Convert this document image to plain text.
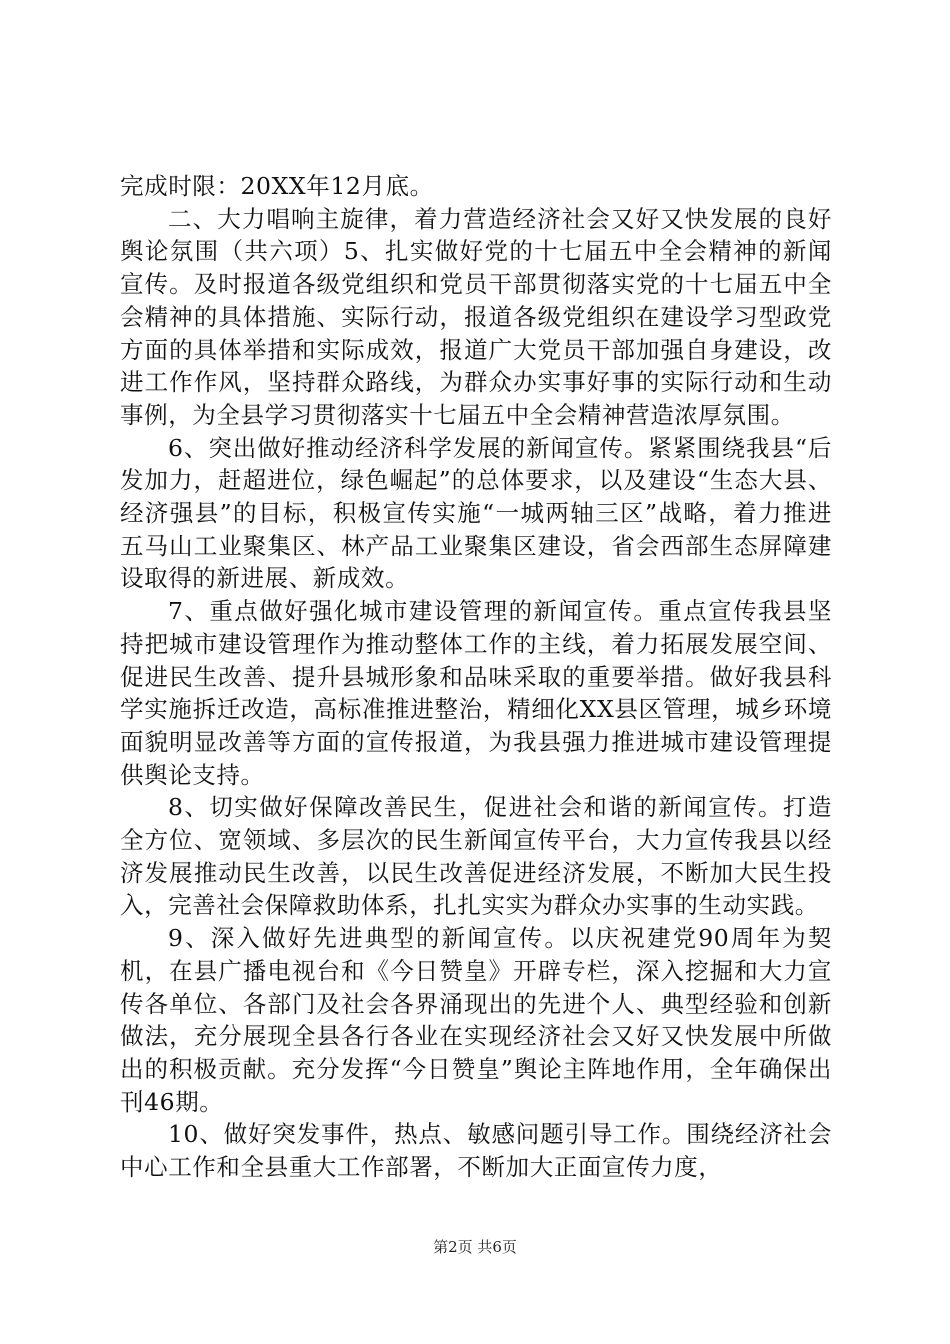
完成时限：20XX年12月底。

二、大力唱响主旋律，着力营造经济社会又好又快发展的良好舆论氛围（共六项）5、扎实做好党的十七届五中全会精神的新闻宣传。及时报道各级党组织和党员干部贯彻落实党的十七届五中全会精神的具体措施、实际行动，报道各级党组织在建设学习型政党方面的具体举措和实际成效，报道广大党员干部加强自身建设，改进工作作风，坚持群众路线，为群众办实事好事的实际行动和生动事例，为全县学习贯彻落实十七届五中全会精神营造浓厚氛围。

6、突出做好推动经济科学发展的新闻宣传。紧紧围绕我县“后发加力，赶超进位，绿色崛起”的总体要求，以及建设“生态大县、经济强县”的目标，积极宣传实施“一城两轴三区”战略，着力推进五马山工业聚集区、林产品工业聚集区建设，省会西部生态屏障建设取得的新进展、新成效。

7、重点做好强化城市建设管理的新闻宣传。重点宣传我县坚持把城市建设管理作为推动整体工作的主线，着力拓展发展空间、促进民生改善、提升县城形象和品味采取的重要举措。做好我县科学实施拆迁改造，高标准推进整治，精细化XX县区管理，城乡环境面貌明显改善等方面的宣传报道，为我县强力推进城市建设管理提供舆论支持。

8、切实做好保障改善民生，促进社会和谐的新闻宣传。打造全方位、宽领域、多层次的民生新闻宣传平台，大力宣传我县以经济发展推动民生改善，以民生改善促进经济发展，不断加大民生投入，完善社会保障救助体系，扎扎实实为群众办实事的生动实践。

9、深入做好先进典型的新闻宣传。以庆祝建党90周年为契机，在县广播电视台和《今日赞皇》开辟专栏，深入挖掘和大力宣传各单位、各部门及社会各界涌现出的先进个人、典型经验和创新做法，充分展现全县各行各业在实现经济社会又好又快发展中所做出的积极贡献。充分发挥“今日赞皇”舆论主阵地作用，全年确保出刊46期。

10、做好突发事件，热点、敏感问题引导工作。围绕经济社会中心工作和全县重大工作部署，不断加大正面宣传力度，

第2页 共6页
